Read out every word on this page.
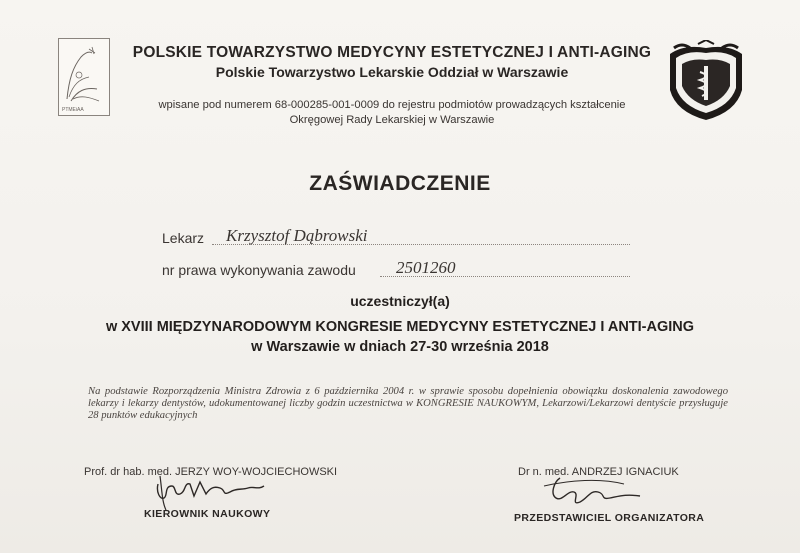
PTMEiAA
POLSKIE TOWARZYSTWO MEDYCYNY ESTETYCZNEJ I ANTI-AGING
Polskie Towarzystwo Lekarskie Oddział w Warszawie
wpisane pod numerem 68-000285-001-0009 do rejestru podmiotów prowadzących kształcenie
Okręgowej Rady Lekarskiej w Warszawie
ZAŚWIADCZENIE
Lekarz Krzysztof Dąbrowski
nr prawa wykonywania zawodu 2501260
uczestniczył(a)
w XVIII MIĘDZYNARODOWYM KONGRESIE MEDYCYNY ESTETYCZNEJ I ANTI-AGING
w Warszawie w dniach 27-30 września 2018
Na podstawie Rozporządzenia Ministra Zdrowia z 6 października 2004 r. w sprawie sposobu dopełnienia obowiązku doskonalenia zawodowego lekarzy i lekarzy dentystów, udokumentowanej liczby godzin uczestnictwa w KONGRESIE NAUKOWYM, Lekarzowi/Lekarzowi dentyście przysługuje 28 punktów edukacyjnych
Prof. dr hab. med. JERZY WOY-WOJCIECHOWSKI
KIEROWNIK NAUKOWY
Dr n. med. ANDRZEJ IGNACIUK
PRZEDSTAWICIEL ORGANIZATORA
